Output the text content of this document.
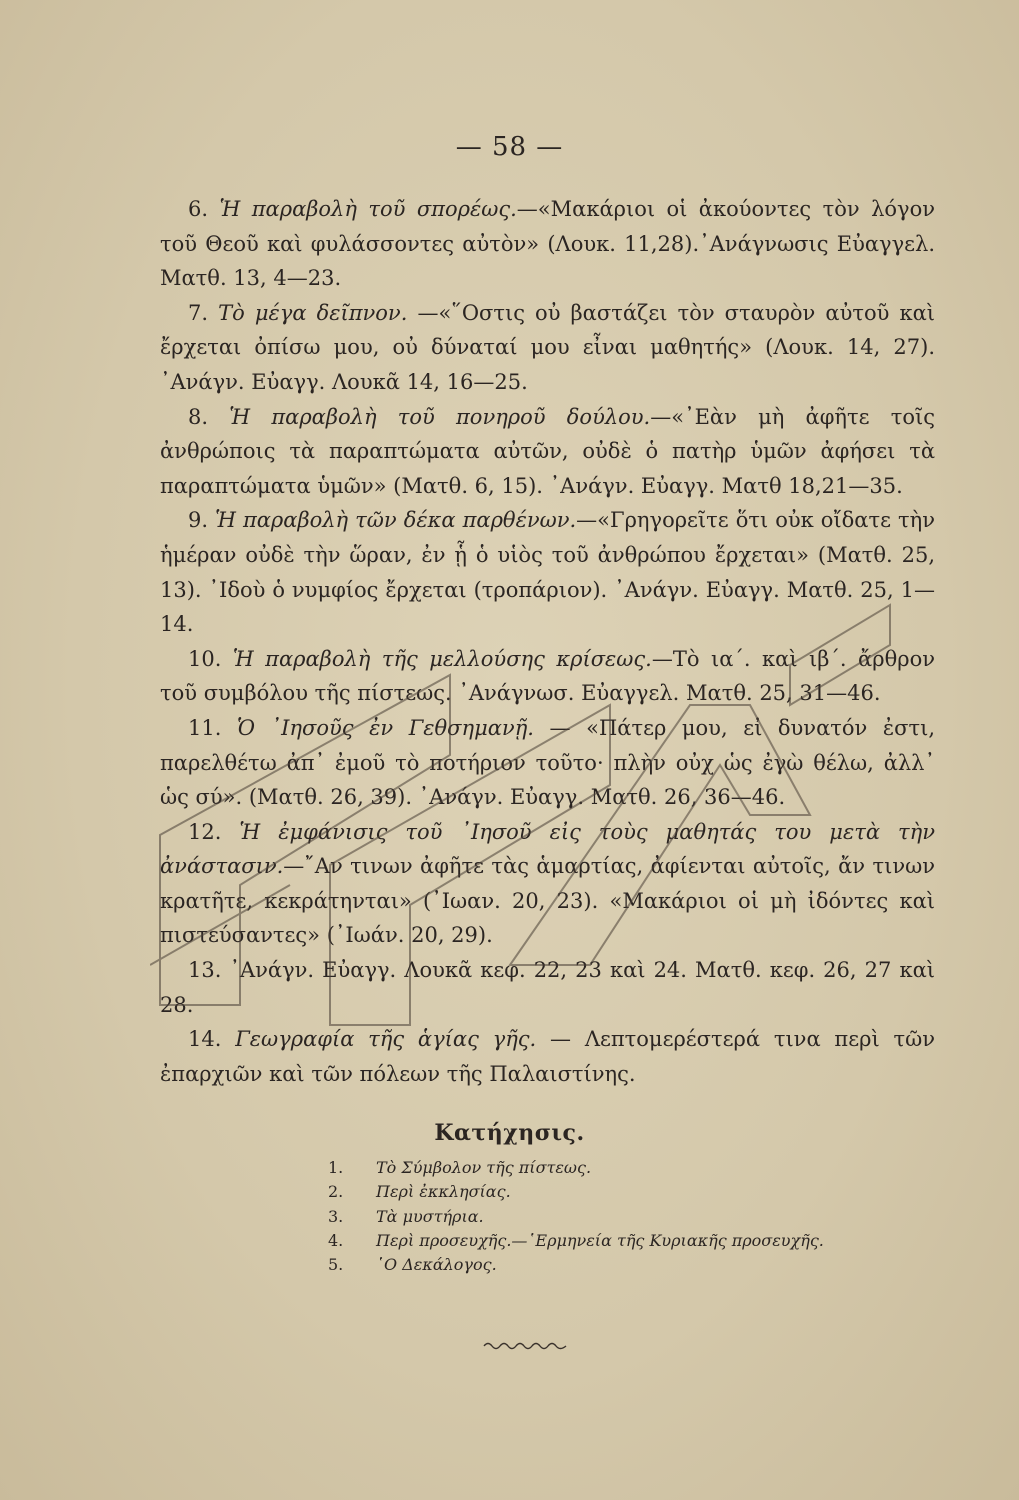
— 58 —

6. Ἡ παραβολὴ τοῦ σπορέως.—«Μακάριοι οἱ ἀκούοντες τὸν λόγον τοῦ Θεοῦ καὶ φυλάσσοντες αὐτὸν» (Λουκ. 11,28).᾿Ανάγνωσις Εὐαγγελ. Ματθ. 13, 4—23.

7. Τὸ μέγα δεῖπνον. —«῞Οστις οὐ βαστάζει τὸν σταυρὸν αὐτοῦ καὶ ἔρχεται ὀπίσω μου, οὐ δύναταί μου εἶναι μαθητής» (Λουκ. 14, 27). ᾿Ανάγν. Εὐαγγ. Λουκᾶ 14, 16—25.

8. Ἡ παραβολὴ τοῦ πονηροῦ δούλου.—«᾿Εὰν μὴ ἀφῆτε τοῖς ἀνθρώποις τὰ παραπτώματα αὐτῶν, οὐδὲ ὁ πατὴρ ὑμῶν ἀφήσει τὰ παραπτώματα ὑμῶν» (Ματθ. 6, 15). ᾿Ανάγν. Εὐαγγ. Ματθ 18,21—35.

9. Ἡ παραβολὴ τῶν δέκα παρθένων.—«Γρηγορεῖτε ὅτι οὐκ οἴδατε τὴν ἡμέραν οὐδὲ τὴν ὥραν, ἐν ᾗ ὁ υἱὸς τοῦ ἀνθρώπου ἔρχεται» (Ματθ. 25, 13). ᾿Ιδοὺ ὁ νυμφίος ἔρχεται (τροπάριον). ᾿Ανάγν. Εὐαγγ. Ματθ. 25, 1—14.

10. Ἡ παραβολὴ τῆς μελλούσης κρίσεως.—Τὸ ια΄. καὶ ιβ΄. ἄρθρον τοῦ συμβόλου τῆς πίστεως. ᾿Ανάγνωσ. Εὐαγγελ. Ματθ. 25, 31—46.

11. Ὁ ᾿Ιησοῦς ἐν Γεθσημανῇ. — «Πάτερ μου, εἰ δυνατόν ἐστι, παρελθέτω ἀπ᾿ ἐμοῦ τὸ ποτήριον τοῦτο· πλὴν οὐχ ὡς ἐγὼ θέλω, ἀλλ᾿ ὡς σύ». (Ματθ. 26, 39). ᾿Ανάγν. Εὐαγγ. Ματθ. 26, 36—46.

12. Ἡ ἐμφάνισις τοῦ ᾿Ιησοῦ εἰς τοὺς μαθητάς του μετὰ τὴν ἀνάστασιν.—῎Αν τινων ἀφῆτε τὰς ἁμαρτίας, ἀφίενται αὐτοῖς, ἄν τινων κρατῆτε, κεκράτηνται» (᾿Ιωαν. 20, 23). «Μακάριοι οἱ μὴ ἰδόντες καὶ πιστεύσαντες» (᾿Ιωάν. 20, 29).

13. ᾿Ανάγν. Εὐαγγ. Λουκᾶ κεφ. 22, 23 καὶ 24. Ματθ. κεφ. 26, 27 καὶ 28.

14. Γεωγραφία τῆς ἁγίας γῆς. — Λεπτομερέστερά τινα περὶ τῶν ἐπαρχιῶν καὶ τῶν πόλεων τῆς Παλαιστίνης.

Κατήχησις.
1.	Τὸ Σύμβολον τῆς πίστεως.
2.	Περὶ ἐκκλησίας.
3.	Τὰ μυστήρια.
4.	Περὶ προσευχῆς.—῾Ερμηνεία τῆς Κυριακῆς προσευχῆς.
5.	῾Ο Δεκάλογος.
